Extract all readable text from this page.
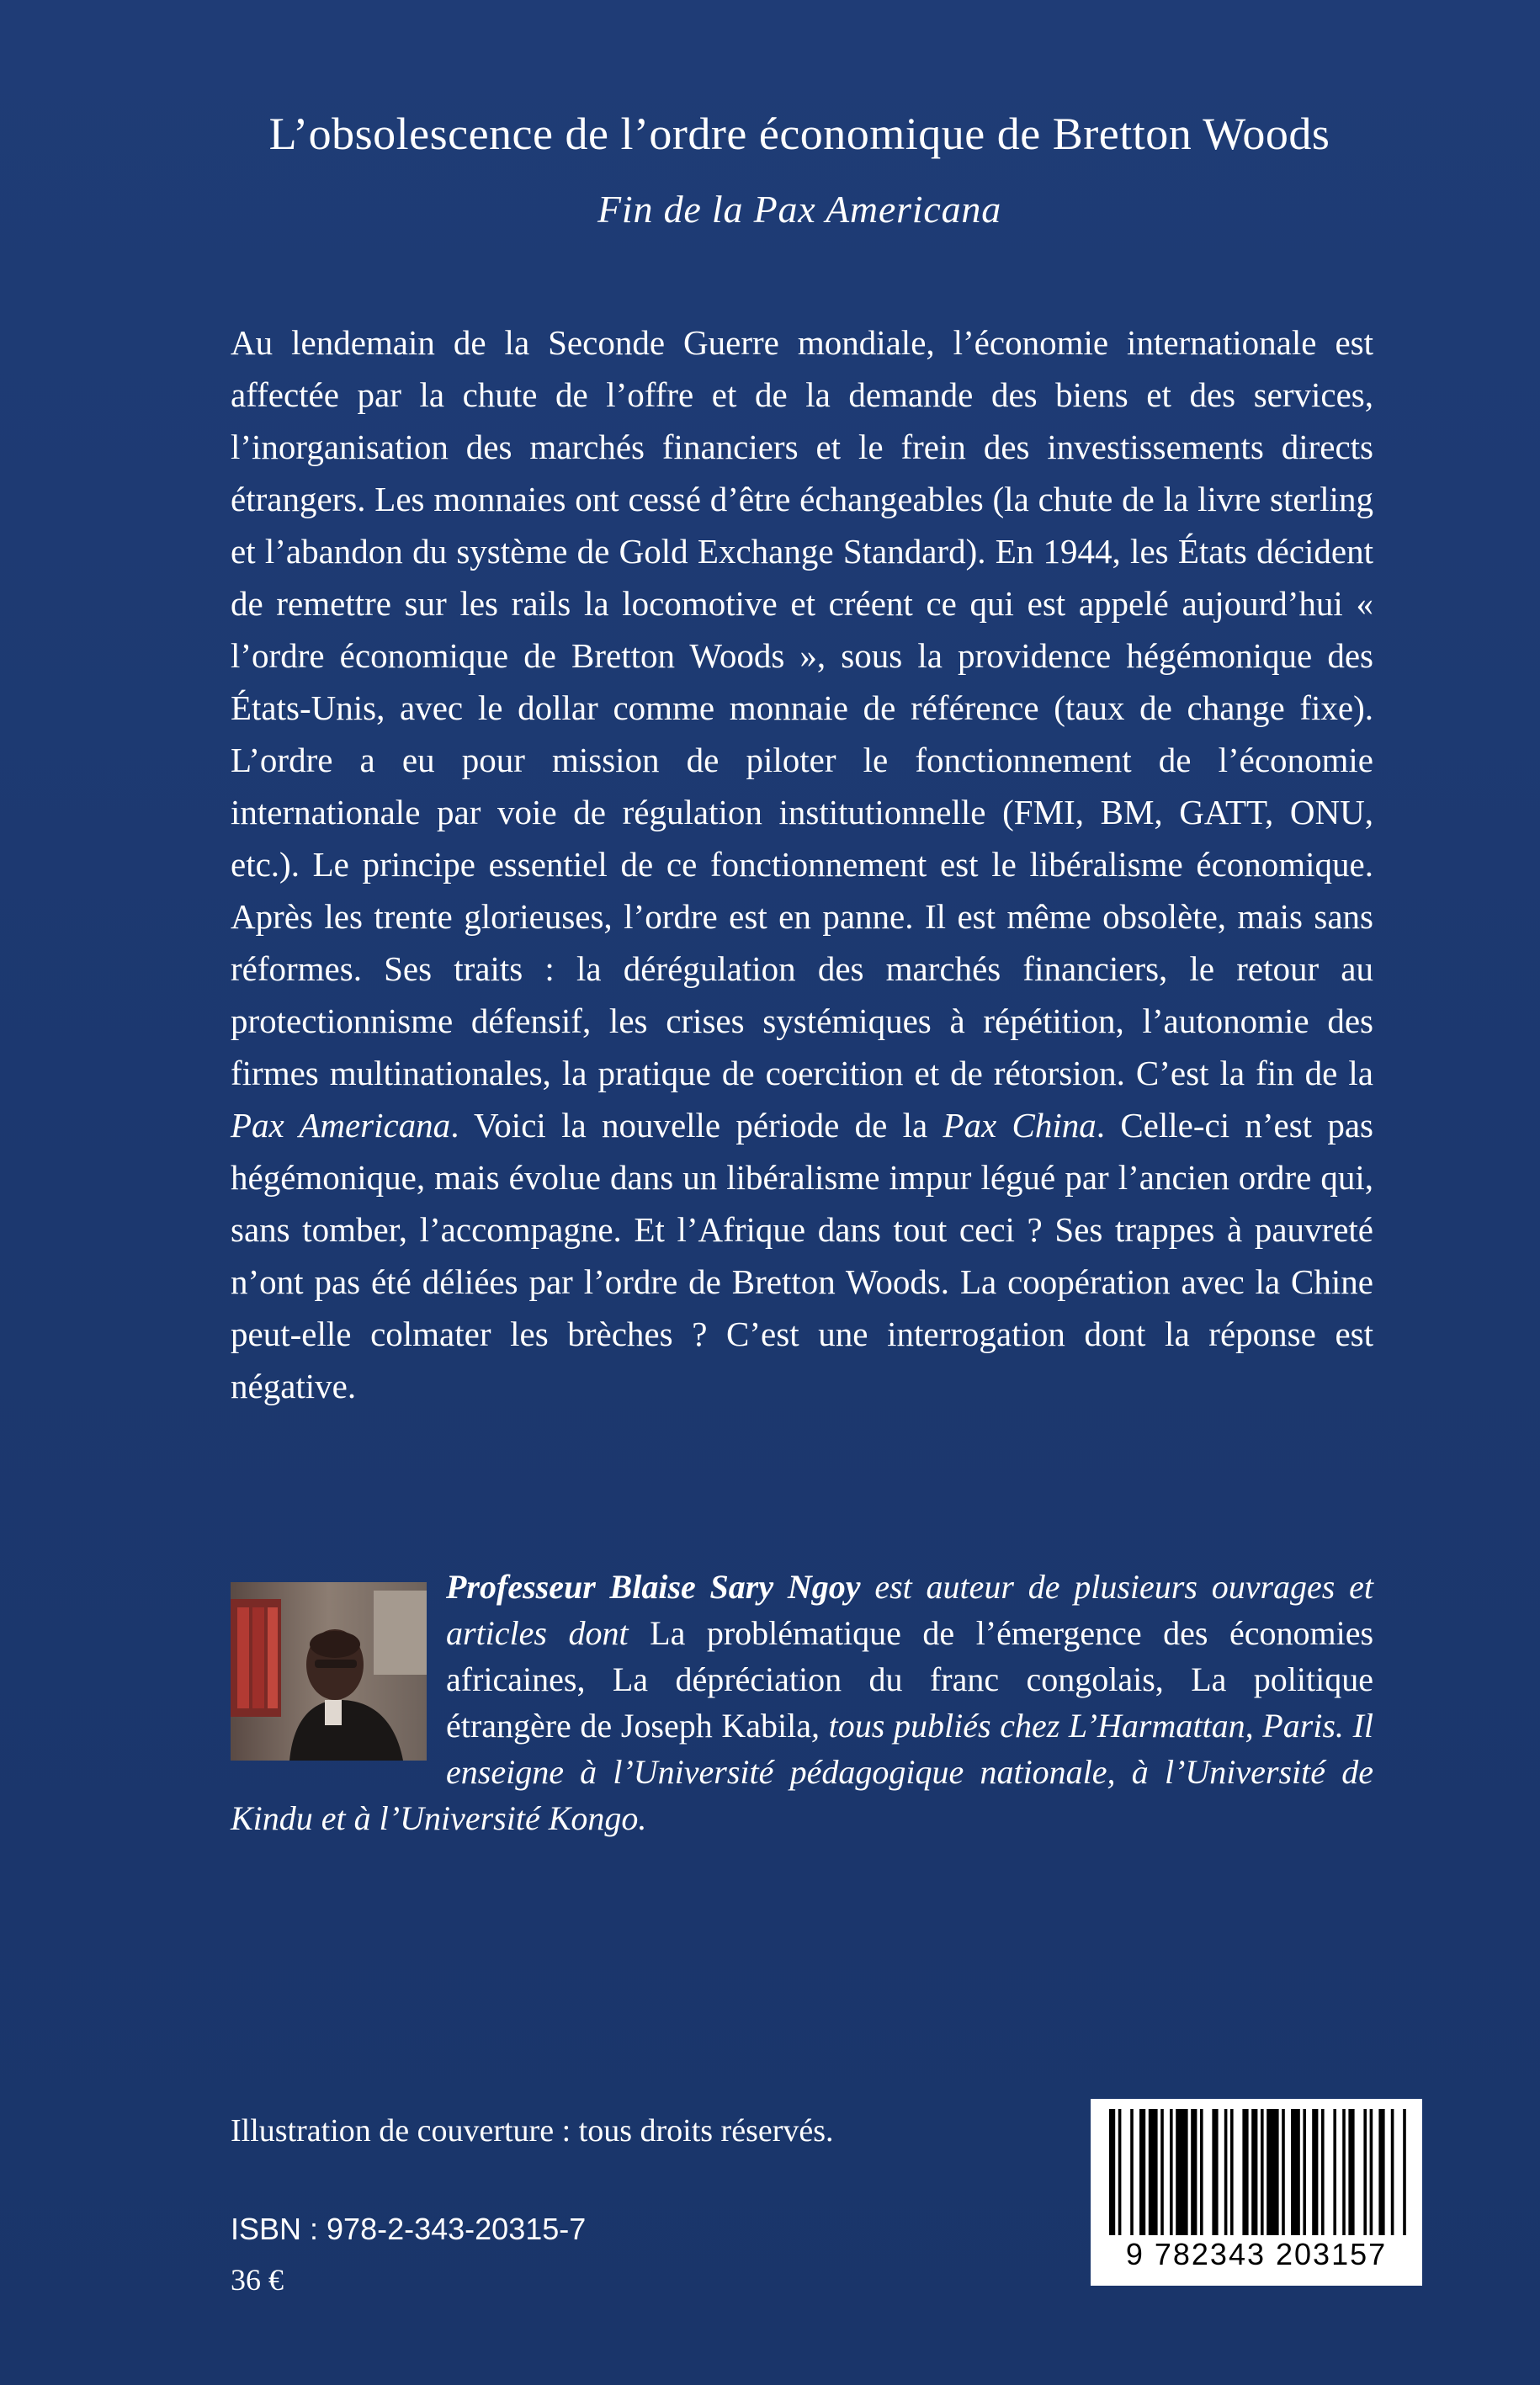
L’obsolescence de l’ordre économique de Bretton Woods
Fin de la Pax Americana

Au lendemain de la Seconde Guerre mondiale, l’économie internationale est affectée par la chute de l’offre et de la demande des biens et des services, l’inorganisation des marchés financiers et le frein des investissements directs étrangers. Les monnaies ont cessé d’être échangeables (la chute de la livre sterling et l’abandon du système de Gold Exchange Standard). En 1944, les États décident de remettre sur les rails la locomotive et créent ce qui est appelé aujourd’hui « l’ordre économique de Bretton Woods », sous la providence hégémonique des États-Unis, avec le dollar comme monnaie de référence (taux de change fixe). L’ordre a eu pour mission de piloter le fonctionnement de l’économie internationale par voie de régulation institutionnelle (FMI, BM, GATT, ONU, etc.). Le principe essentiel de ce fonctionnement est le libéralisme économique. Après les trente glorieuses, l’ordre est en panne. Il est même obsolète, mais sans réformes. Ses traits : la dérégulation des marchés financiers, le retour au protectionnisme défensif, les crises systémiques à répétition, l’autonomie des firmes multinationales, la pratique de coercition et de rétorsion. C’est la fin de la Pax Americana. Voici la nouvelle période de la Pax China. Celle-ci n’est pas hégémonique, mais évolue dans un libéralisme impur légué par l’ancien ordre qui, sans tomber, l’accompagne. Et l’Afrique dans tout ceci ? Ses trappes à pauvreté n’ont pas été déliées par l’ordre de Bretton Woods. La coopération avec la Chine peut-elle colmater les brèches ? C’est une interrogation dont la réponse est négative.

Professeur Blaise Sary Ngoy est auteur de plusieurs ouvrages et articles dont La problématique de l’émergence des économies africaines, La dépréciation du franc congolais, La politique étrangère de Joseph Kabila, tous publiés chez L’Harmattan, Paris. Il enseigne à l’Université pédagogique nationale, à l’Université de Kindu et à l’Université Kongo.

Illustration de couverture : tous droits réservés.

ISBN : 978-2-343-20315-7

36 €

9 782343 203157
